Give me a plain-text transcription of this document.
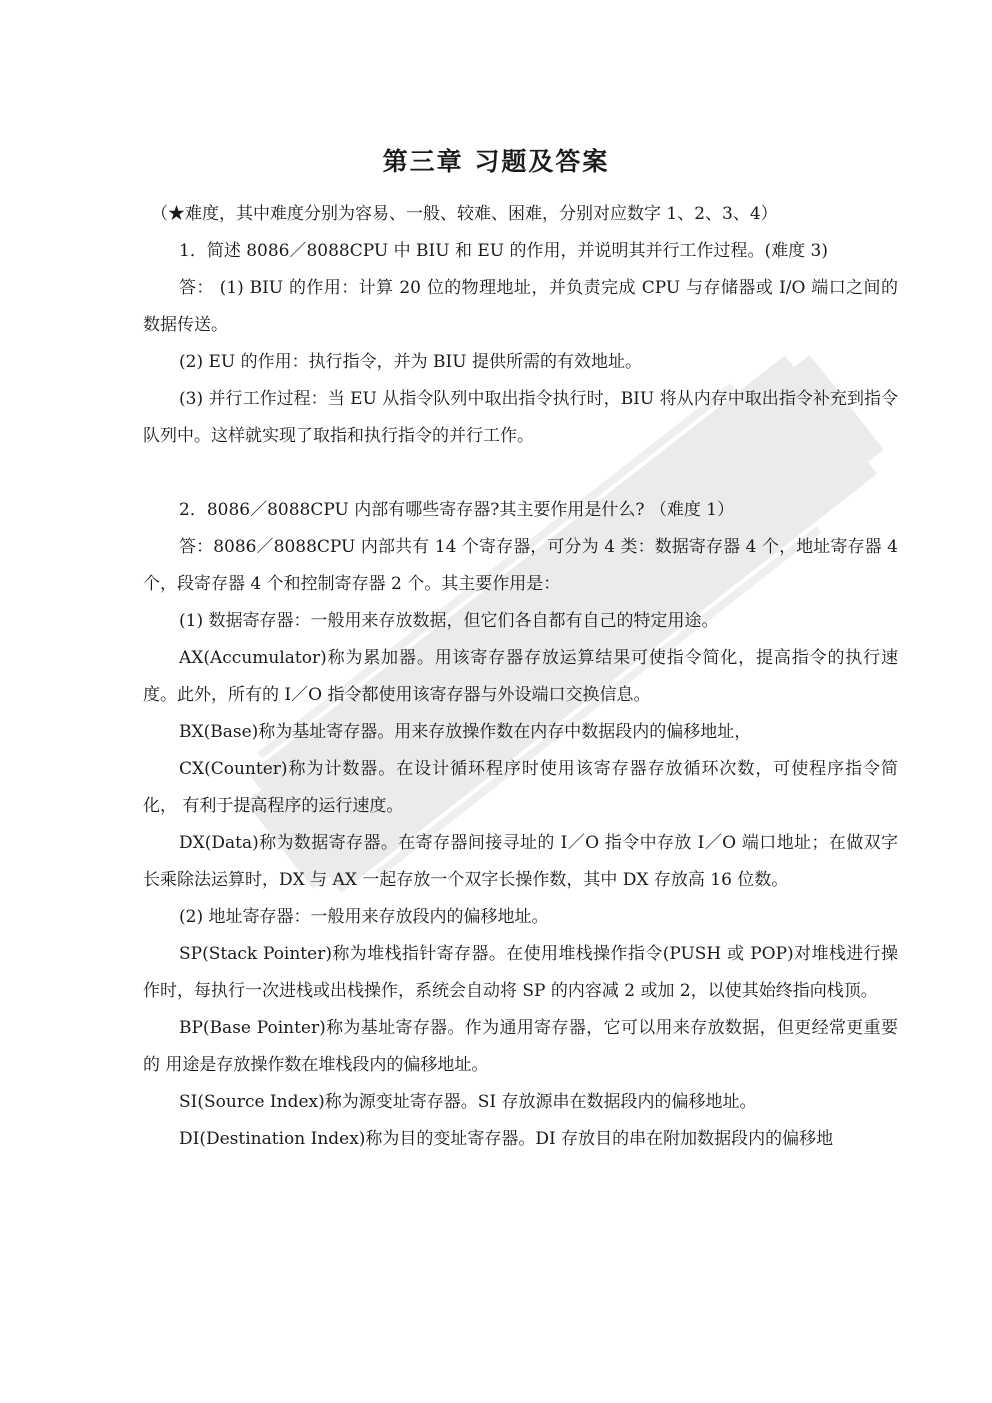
第三章 习题及答案

（★难度，其中难度分别为容易、一般、较难、困难，分别对应数字 1、2、3、4）

1．简述 8086／8088CPU 中 BIU 和 EU 的作用，并说明其并行工作过程。(难度 3)

答： (1) BIU 的作用：计算 20 位的物理地址，并负责完成 CPU 与存储器或 I/O 端口之间的数据传送。

(2) EU 的作用：执行指令，并为 BIU 提供所需的有效地址。

(3) 并行工作过程：当 EU 从指令队列中取出指令执行时，BIU 将从内存中取出指令补充到指令 队列中。这样就实现了取指和执行指令的并行工作。

2．8086／8088CPU 内部有哪些寄存器?其主要作用是什么? （难度 1）

答：8086／8088CPU 内部共有 14 个寄存器，可分为 4 类：数据寄存器 4 个，地址寄存器 4 个，段寄存器 4 个和控制寄存器 2 个。其主要作用是：

(1) 数据寄存器：一般用来存放数据，但它们各自都有自己的特定用途。

AX(Accumulator)称为累加器。用该寄存器存放运算结果可使指令简化，提高指令的执行速度。此外，所有的 I／O 指令都使用该寄存器与外设端口交换信息。

BX(Base)称为基址寄存器。用来存放操作数在内存中数据段内的偏移地址，

CX(Counter)称为计数器。在设计循环程序时使用该寄存器存放循环次数，可使程序指令简化， 有利于提高程序的运行速度。

DX(Data)称为数据寄存器。在寄存器间接寻址的 I／O 指令中存放 I／O 端口地址；在做双字长乘除法运算时，DX 与 AX 一起存放一个双字长操作数，其中 DX 存放高 16 位数。

(2) 地址寄存器：一般用来存放段内的偏移地址。

SP(Stack Pointer)称为堆栈指针寄存器。在使用堆栈操作指令(PUSH 或 POP)对堆栈进行操作时，每执行一次进栈或出栈操作，系统会自动将 SP 的内容减 2 或加 2，以使其始终指向栈顶。

BP(Base Pointer)称为基址寄存器。作为通用寄存器，它可以用来存放数据，但更经常更重要的 用途是存放操作数在堆栈段内的偏移地址。

SI(Source Index)称为源变址寄存器。SI 存放源串在数据段内的偏移地址。

DI(Destination Index)称为目的变址寄存器。DI 存放目的串在附加数据段内的偏移地
